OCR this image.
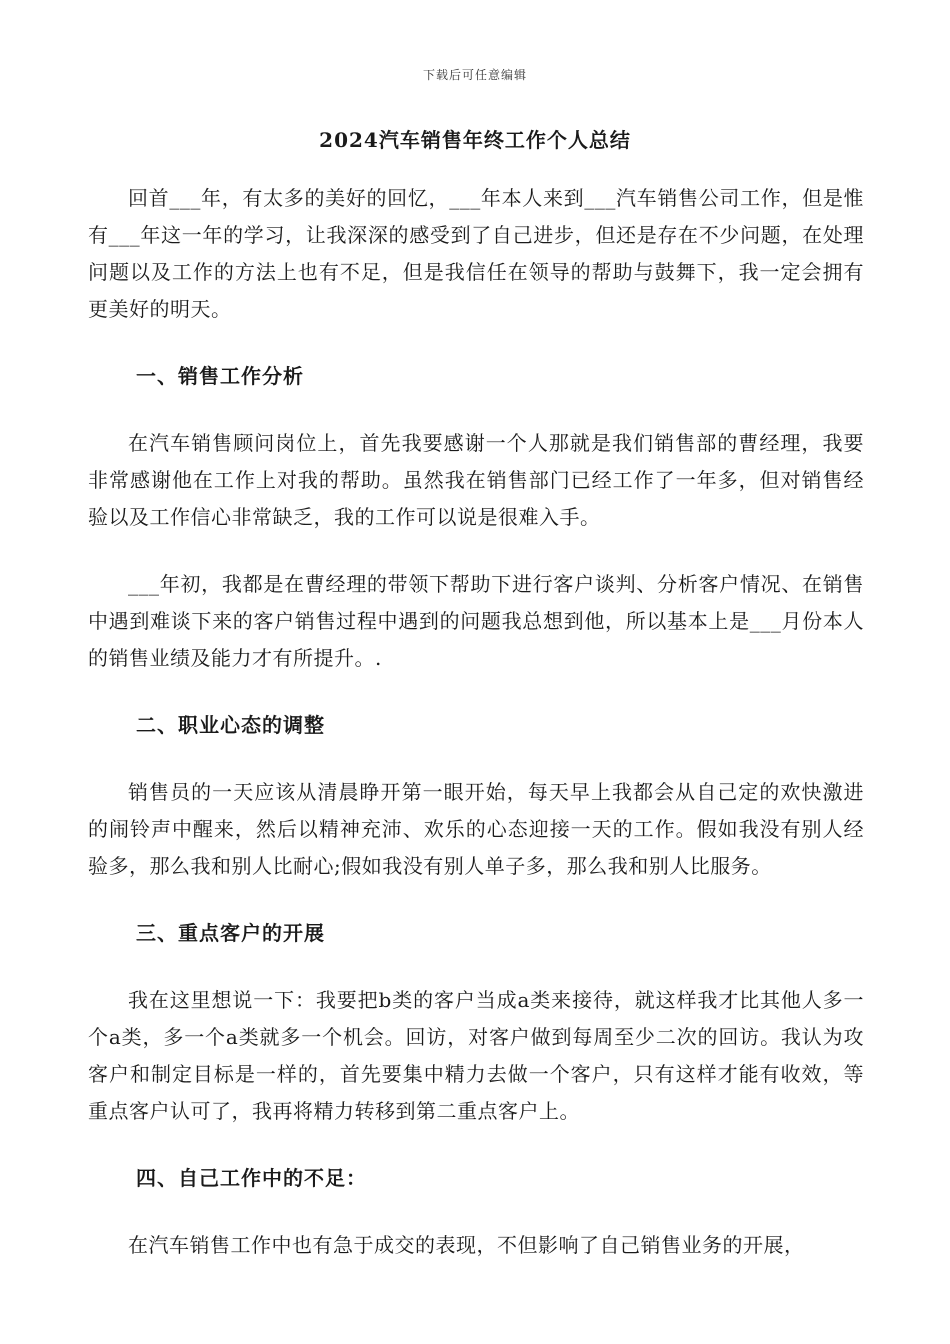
下载后可任意编辑
2024汽车销售年终工作个人总结

回首___年，有太多的美好的回忆，___年本人来到___汽车销售公司工作，但是惟有___年这一年的学习，让我深深的感受到了自己进步，但还是存在不少问题，在处理问题以及工作的方法上也有不足，但是我信任在领导的帮助与鼓舞下，我一定会拥有更美好的明天。

一、销售工作分析

在汽车销售顾问岗位上，首先我要感谢一个人那就是我们销售部的曹经理，我要非常感谢他在工作上对我的帮助。虽然我在销售部门已经工作了一年多，但对销售经验以及工作信心非常缺乏，我的工作可以说是很难入手。

___年初，我都是在曹经理的带领下帮助下进行客户谈判、分析客户情况、在销售中遇到难谈下来的客户销售过程中遇到的问题我总想到他，所以基本上是___月份本人的销售业绩及能力才有所提升。.

二、职业心态的调整

销售员的一天应该从清晨睁开第一眼开始，每天早上我都会从自己定的欢快激进的闹铃声中醒来，然后以精神充沛、欢乐的心态迎接一天的工作。假如我没有别人经验多，那么我和别人比耐心;假如我没有别人单子多，那么我和别人比服务。

三、重点客户的开展

我在这里想说一下：我要把b类的客户当成a类来接待，就这样我才比其他人多一个a类，多一个a类就多一个机会。回访，对客户做到每周至少二次的回访。我认为攻客户和制定目标是一样的，首先要集中精力去做一个客户，只有这样才能有收效，等重点客户认可了，我再将精力转移到第二重点客户上。

四、自己工作中的不足：

在汽车销售工作中也有急于成交的表现，不但影响了自己销售业务的开展，
